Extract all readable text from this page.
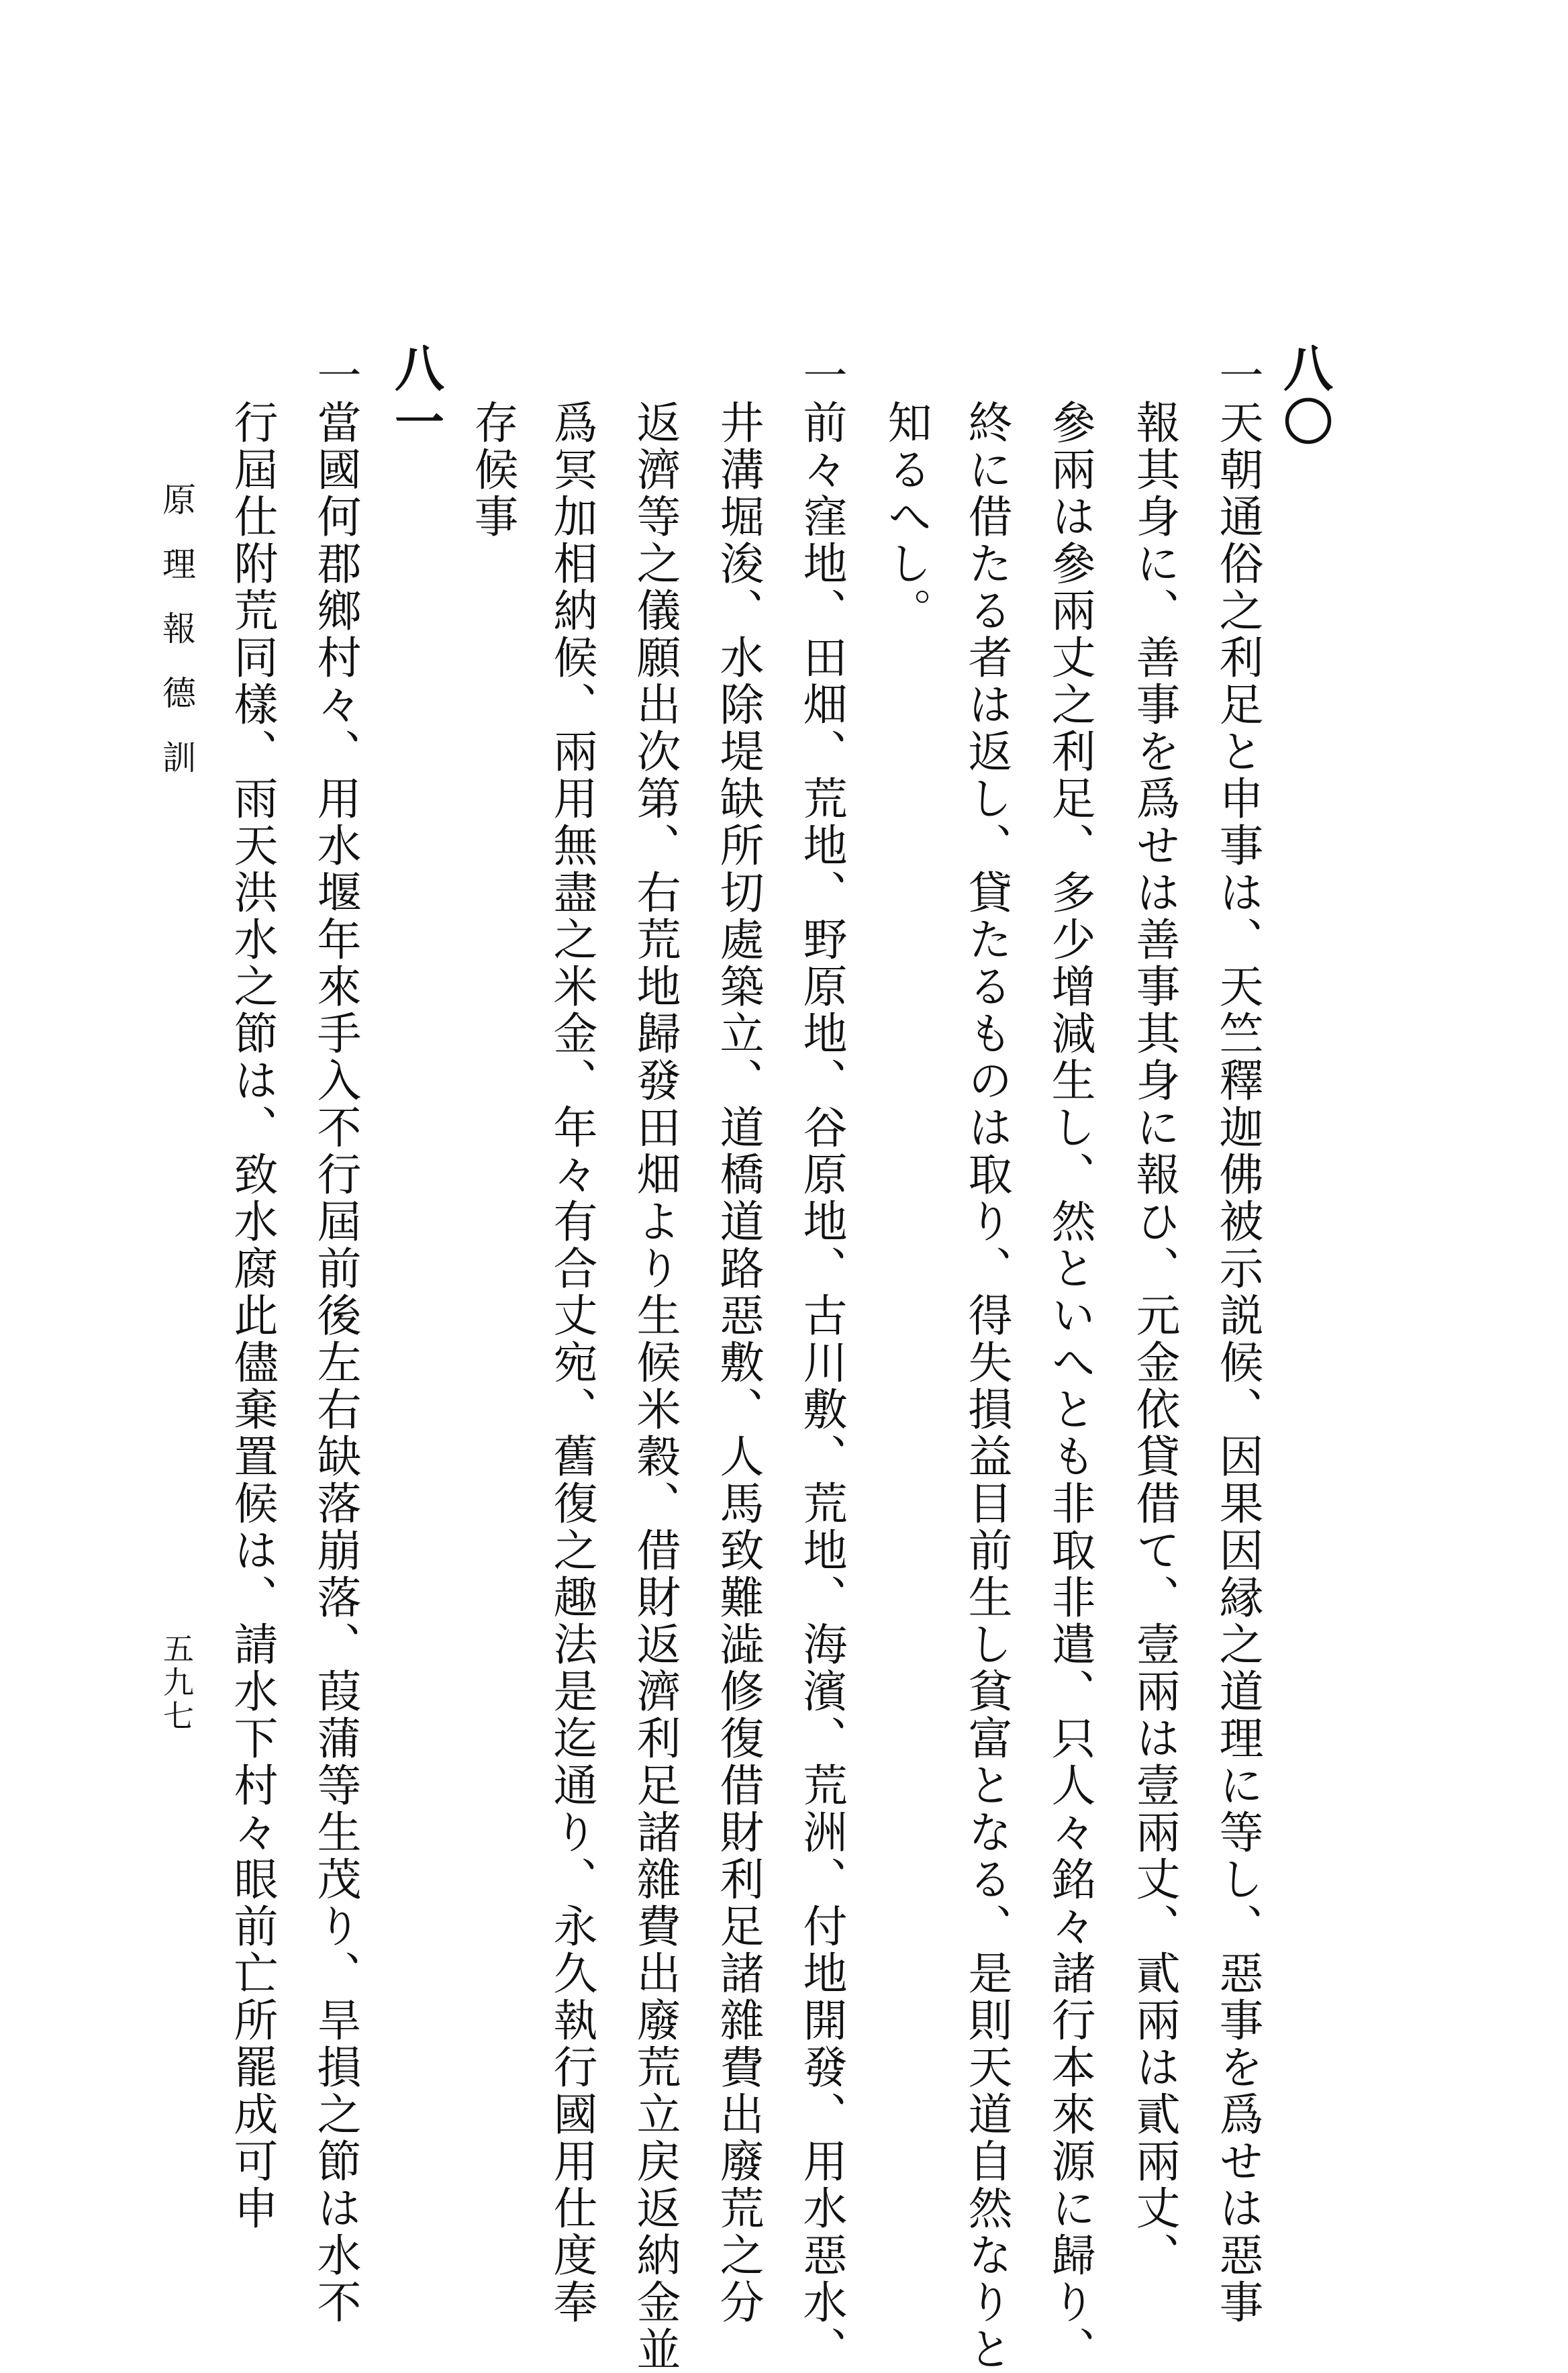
八〇
一天朝通俗之利足と申事は、天竺釋迦佛被示説候、因果因縁之道理に等し、惡事を爲せは惡事
報其身に、善事を爲せは善事其身に報ひ、元金依貸借て、壹兩は壹兩丈、貳兩は貳兩丈、
參兩は參兩丈之利足、多少增減生し、然といへとも非取非遣、只人々銘々諸行本來源に歸り、
終に借たる者は返し、貸たるものは取り、得失損益目前生し貧富となる、是則天道自然なりと
知るへし。
一前々窪地、田畑、荒地、野原地、谷原地、古川敷、荒地、海濱、荒洲、付地開發、用水惡水、
井溝堀浚、水除堤缺所切處築立、道橋道路惡敷、人馬致難澁修復借財利足諸雜費出廢荒之分
返濟等之儀願出次第、右荒地歸發田畑より生候米穀、借財返濟利足諸雜費出廢荒立戻返納金並
爲冥加相納候、兩用無盡之米金、年々有合丈宛、舊復之趣法是迄通り、永久執行國用仕度奉
存候事
八一
一當國何郡鄉村々、用水堰年來手入不行屆前後左右缺落崩落、葭蒲等生茂り、旱損之節は水不
行屆仕附荒同樣、雨天洪水之節は、致水腐此儘棄置候は、請水下村々眼前亡所罷成可申
原理報德訓
五九七
